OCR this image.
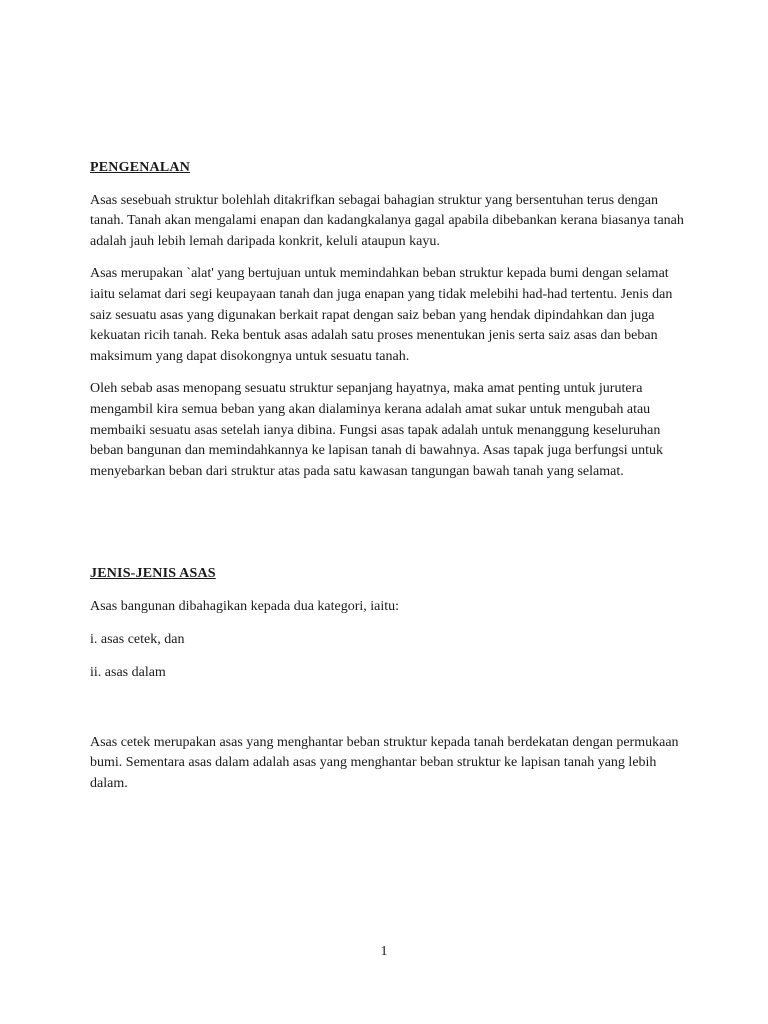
PENGENALAN

Asas sesebuah struktur bolehlah ditakrifkan sebagai bahagian struktur yang bersentuhan terus dengan tanah. Tanah akan mengalami enapan dan kadangkalanya gagal apabila dibebankan kerana biasanya tanah adalah jauh lebih lemah daripada konkrit, keluli ataupun kayu.

Asas merupakan `alat' yang bertujuan untuk memindahkan beban struktur kepada bumi dengan selamat iaitu selamat dari segi keupayaan tanah dan juga enapan yang tidak melebihi had-had tertentu. Jenis dan saiz sesuatu asas yang digunakan berkait rapat dengan saiz beban yang hendak dipindahkan dan juga kekuatan ricih tanah. Reka bentuk asas adalah satu proses menentukan jenis serta saiz asas dan beban maksimum yang dapat disokongnya untuk sesuatu tanah.

Oleh sebab asas menopang sesuatu struktur sepanjang hayatnya, maka amat penting untuk jurutera mengambil kira semua beban yang akan dialaminya kerana adalah amat sukar untuk mengubah atau membaiki sesuatu asas setelah ianya dibina. Fungsi asas tapak adalah untuk menanggung keseluruhan beban bangunan dan memindahkannya ke lapisan tanah di bawahnya. Asas tapak juga berfungsi untuk menyebarkan beban dari struktur atas pada satu kawasan tangungan bawah tanah yang selamat.

JENIS-JENIS ASAS

Asas bangunan dibahagikan kepada dua kategori, iaitu:

i. asas cetek, dan
ii. asas dalam

Asas cetek merupakan asas yang menghantar beban struktur kepada tanah berdekatan dengan permukaan bumi. Sementara asas dalam adalah asas yang menghantar beban struktur ke lapisan tanah yang lebih dalam.

1
